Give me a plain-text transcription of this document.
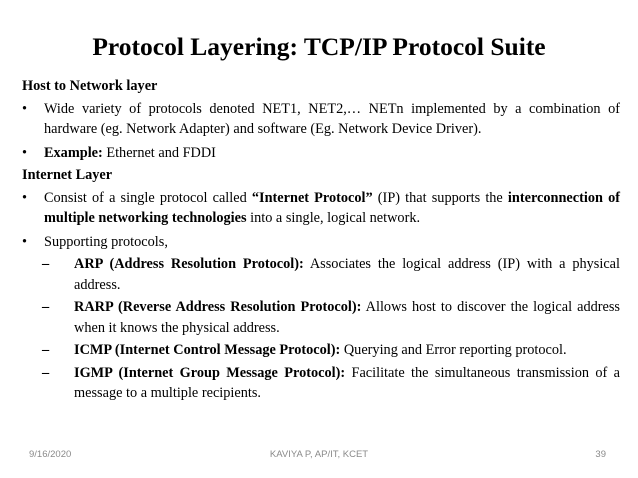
Protocol Layering: TCP/IP Protocol Suite

Host to Network layer

• Wide variety of protocols denoted NET1, NET2,… NETn implemented by a combination of hardware (eg. Network Adapter) and software (Eg. Network Device Driver).
• Example: Ethernet and FDDI

Internet Layer

• Consist of a single protocol called “Internet Protocol” (IP) that supports the interconnection of multiple networking technologies into a single, logical network.
• Supporting protocols,
– ARP (Address Resolution Protocol): Associates the logical address (IP) with a physical address.
– RARP (Reverse Address Resolution Protocol): Allows host to discover the logical address when it knows the physical address.
– ICMP (Internet Control Message Protocol): Querying and Error reporting protocol.
– IGMP (Internet Group Message Protocol): Facilitate the simultaneous transmission of a message to a multiple recipients.
9/16/2020	KAVIYA P, AP/IT, KCET	39
